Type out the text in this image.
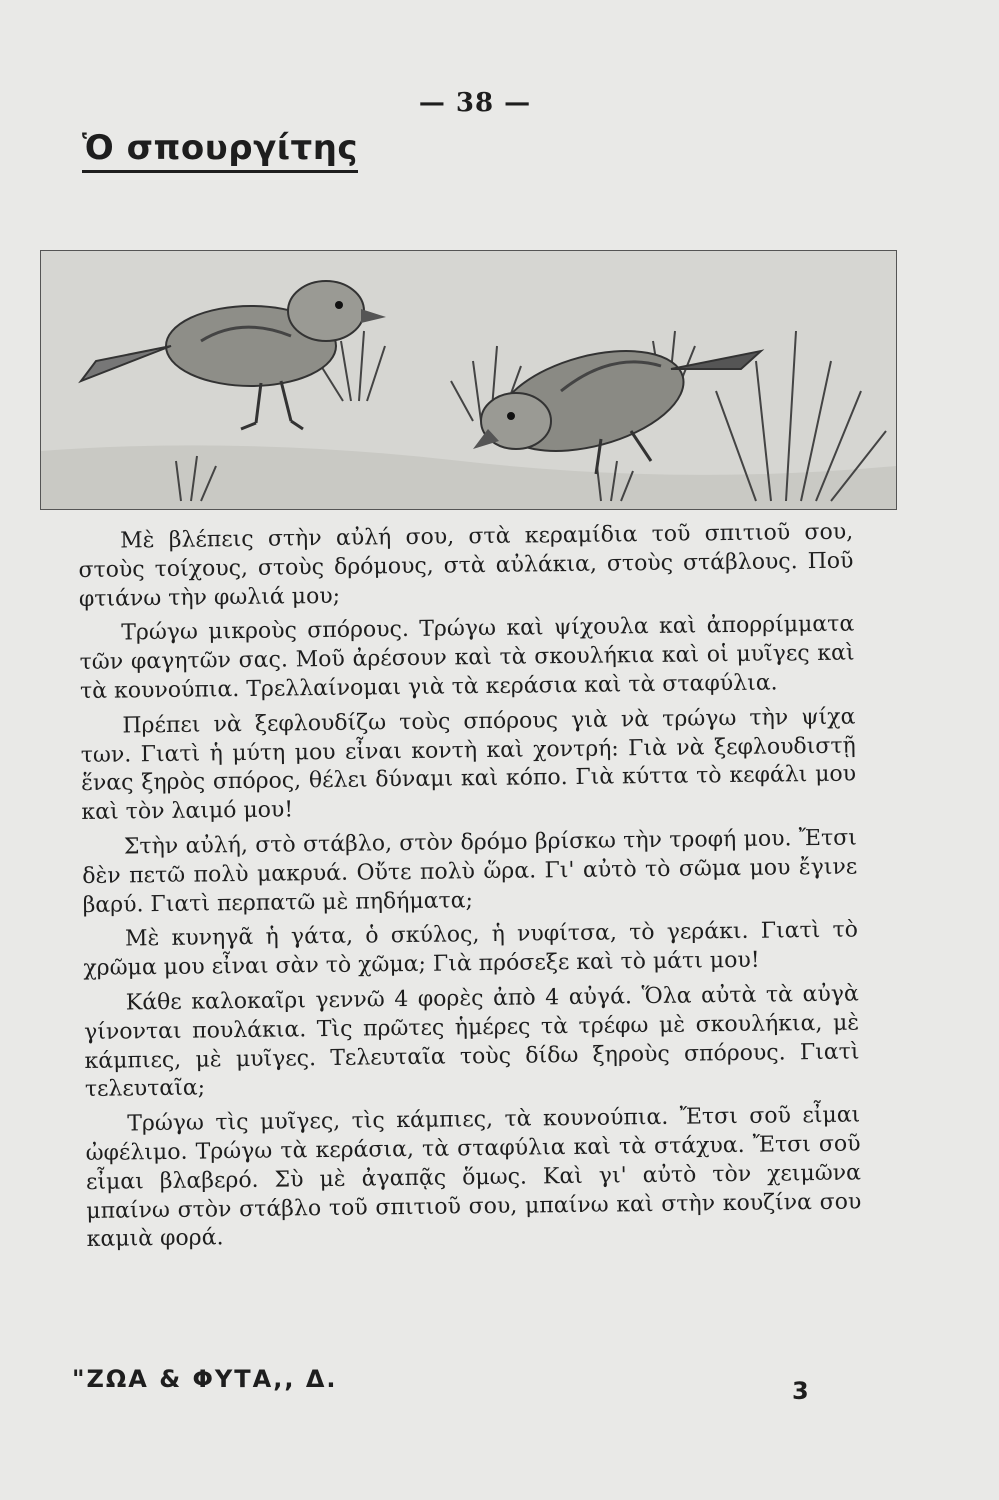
— 38 —
Ὁ σπουργίτης

Μὲ βλέπεις στὴν αὐλή σου, στὰ κεραμίδια τοῦ σπιτιοῦ σου, στοὺς τοίχους, στοὺς δρόμους, στὰ αὐλάκια, στοὺς στάβλους. Ποῦ φτιάνω τὴν φωλιά μου;

Τρώγω μικροὺς σπόρους. Τρώγω καὶ ψίχουλα καὶ ἀπορρίμματα τῶν φαγητῶν σας. Μοῦ ἀρέσουν καὶ τὰ σκουλήκια καὶ οἱ μυῖγες καὶ τὰ κουνούπια. Τρελλαίνομαι γιὰ τὰ κεράσια καὶ τὰ σταφύλια.

Πρέπει νὰ ξεφλουδίζω τοὺς σπόρους γιὰ νὰ τρώγω τὴν ψίχα των. Γιατὶ ἡ μύτη μου εἶναι κοντὴ καὶ χοντρή: Γιὰ νὰ ξεφλουδιστῇ ἕνας ξηρὸς σπόρος, θέλει δύναμι καὶ κόπο. Γιὰ κύττα τὸ κεφάλι μου καὶ τὸν λαιμό μου!

Στὴν αὐλή, στὸ στάβλο, στὸν δρόμο βρίσκω τὴν τροφή μου. Ἔτσι δὲν πετῶ πολὺ μακρυά. Οὔτε πολὺ ὥρα. Γι' αὐτὸ τὸ σῶμα μου ἔγινε βαρύ. Γιατὶ περπατῶ μὲ πηδήματα;

Μὲ κυνηγᾶ ἡ γάτα, ὁ σκύλος, ἡ νυφίτσα, τὸ γεράκι. Γιατὶ τὸ χρῶμα μου εἶναι σὰν τὸ χῶμα; Γιὰ πρόσεξε καὶ τὸ μάτι μου!

Κάθε καλοκαῖρι γεννῶ 4 φορὲς ἀπὸ 4 αὐγά. Ὅλα αὐτὰ τὰ αὐγὰ γίνονται πουλάκια. Τὶς πρῶτες ἡμέρες τὰ τρέφω μὲ σκουλήκια, μὲ κάμπιες, μὲ μυῖγες. Τελευταῖα τοὺς δίδω ξηροὺς σπόρους. Γιατὶ τελευταῖα;

Τρώγω τὶς μυῖγες, τὶς κάμπιες, τὰ κουνούπια. Ἔτσι σοῦ εἶμαι ὠφέλιμο. Τρώγω τὰ κεράσια, τὰ σταφύλια καὶ τὰ στάχυα. Ἔτσι σοῦ εἶμαι βλαβερό. Σὺ μὲ ἀγαπᾷς ὅμως. Καὶ γι' αὐτὸ τὸν χειμῶνα μπαίνω στὸν στάβλο τοῦ σπιτιοῦ σου, μπαίνω καὶ στὴν κουζίνα σου καμιὰ φορά.

"ΖΩΑ & ΦΥΤΑ,, Δ.	3
